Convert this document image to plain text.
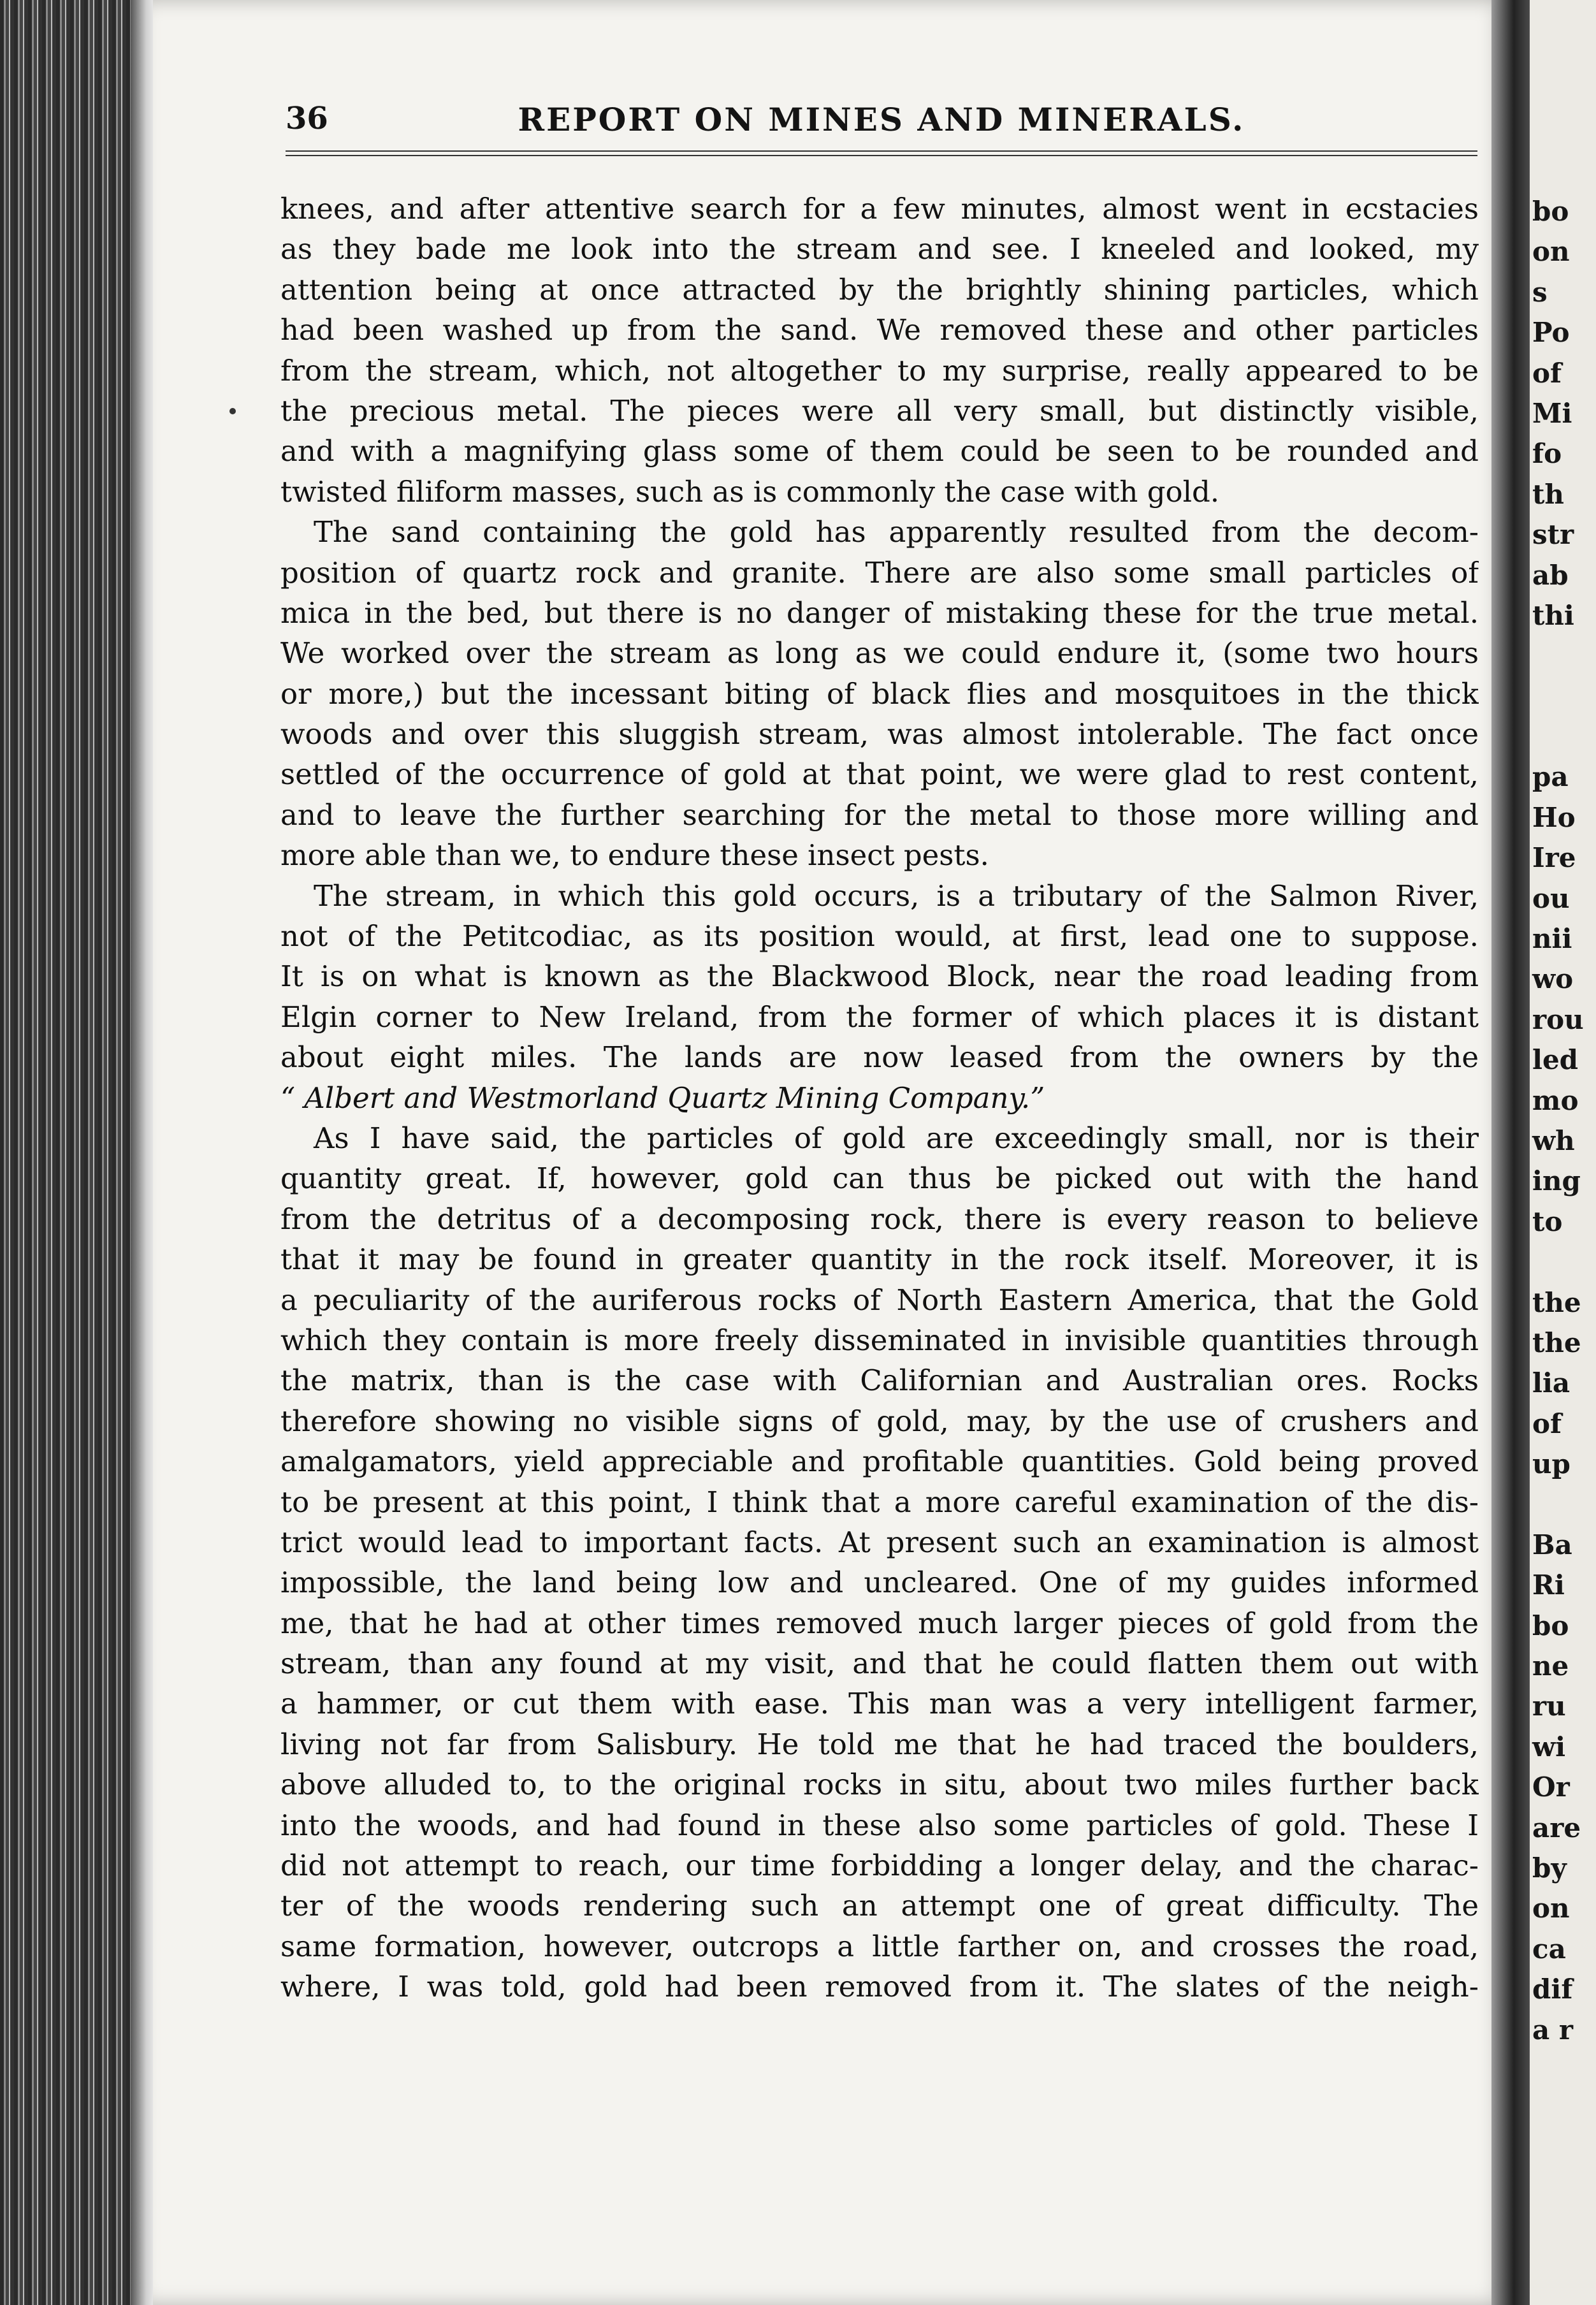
36	REPORT ON MINES AND MINERALS.
knees, and after attentive search for a few minutes, almost went in ecstacies
as they bade me look into the stream and see. I kneeled and looked, my
attention being at once attracted by the brightly shining particles, which
had been washed up from the sand. We removed these and other particles
from the stream, which, not altogether to my surprise, really appeared to be
the precious metal. The pieces were all very small, but distinctly visible,
and with a magnifying glass some of them could be seen to be rounded and
twisted filiform masses, such as is commonly the case with gold.
The sand containing the gold has apparently resulted from the decom-
position of quartz rock and granite. There are also some small particles of
mica in the bed, but there is no danger of mistaking these for the true metal.
We worked over the stream as long as we could endure it, (some two hours
or more,) but the incessant biting of black flies and mosquitoes in the thick
woods and over this sluggish stream, was almost intolerable. The fact once
settled of the occurrence of gold at that point, we were glad to rest content,
and to leave the further searching for the metal to those more willing and
more able than we, to endure these insect pests.
The stream, in which this gold occurs, is a tributary of the Salmon River,
not of the Petitcodiac, as its position would, at first, lead one to suppose.
It is on what is known as the Blackwood Block, near the road leading from
Elgin corner to New Ireland, from the former of which places it is distant
about eight miles. The lands are now leased from the owners by the
“ Albert and Westmorland Quartz Mining Company.”
As I have said, the particles of gold are exceedingly small, nor is their
quantity great. If, however, gold can thus be picked out with the hand
from the detritus of a decomposing rock, there is every reason to believe
that it may be found in greater quantity in the rock itself. Moreover, it is
a peculiarity of the auriferous rocks of North Eastern America, that the Gold
which they contain is more freely disseminated in invisible quantities through
the matrix, than is the case with Californian and Australian ores. Rocks
therefore showing no visible signs of gold, may, by the use of crushers and
amalgamators, yield appreciable and profitable quantities. Gold being proved
to be present at this point, I think that a more careful examination of the dis-
trict would lead to important facts. At present such an examination is almost
impossible, the land being low and uncleared. One of my guides informed
me, that he had at other times removed much larger pieces of gold from the
stream, than any found at my visit, and that he could flatten them out with
a hammer, or cut them with ease. This man was a very intelligent farmer,
living not far from Salisbury. He told me that he had traced the boulders,
above alluded to, to the original rocks in situ, about two miles further back
into the woods, and had found in these also some particles of gold. These I
did not attempt to reach, our time forbidding a longer delay, and the charac-
ter of the woods rendering such an attempt one of great difficulty. The
same formation, however, outcrops a little farther on, and crosses the road,
where, I was told, gold had been removed from it. The slates of the neigh-
bo
on
s
Po
of
Mi
fo
th
str
ab
thi
pa
Ho
Ire
ou
nii
wo
rou
led
mo
wh
ing
to
the
the
lia
of
up
Ba
Ri
bo
ne
ru
wi
Or
are
by
on
ca
dif
a r
